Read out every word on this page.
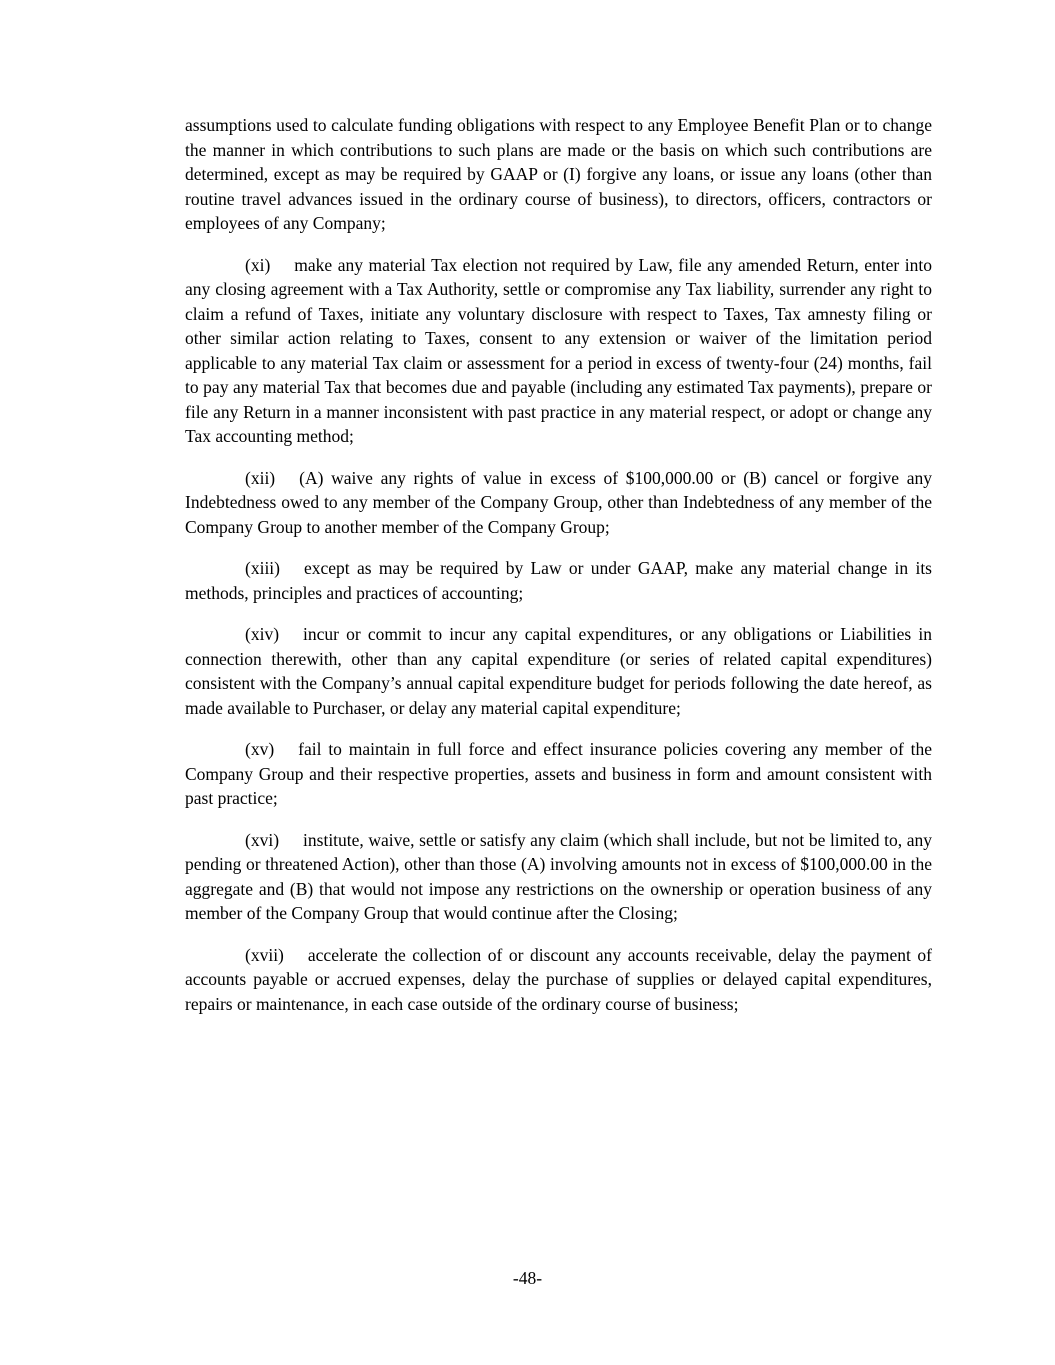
assumptions used to calculate funding obligations with respect to any Employee Benefit Plan or to change the manner in which contributions to such plans are made or the basis on which such contributions are determined, except as may be required by GAAP or (I) forgive any loans, or issue any loans (other than routine travel advances issued in the ordinary course of business), to directors, officers, contractors or employees of any Company;

(xi) make any material Tax election not required by Law, file any amended Return, enter into any closing agreement with a Tax Authority, settle or compromise any Tax liability, surrender any right to claim a refund of Taxes, initiate any voluntary disclosure with respect to Taxes, Tax amnesty filing or other similar action relating to Taxes, consent to any extension or waiver of the limitation period applicable to any material Tax claim or assessment for a period in excess of twenty-four (24) months, fail to pay any material Tax that becomes due and payable (including any estimated Tax payments), prepare or file any Return in a manner inconsistent with past practice in any material respect, or adopt or change any Tax accounting method;

(xii) (A) waive any rights of value in excess of $100,000.00 or (B) cancel or forgive any Indebtedness owed to any member of the Company Group, other than Indebtedness of any member of the Company Group to another member of the Company Group;

(xiii) except as may be required by Law or under GAAP, make any material change in its methods, principles and practices of accounting;

(xiv) incur or commit to incur any capital expenditures, or any obligations or Liabilities in connection therewith, other than any capital expenditure (or series of related capital expenditures) consistent with the Company’s annual capital expenditure budget for periods following the date hereof, as made available to Purchaser, or delay any material capital expenditure;

(xv) fail to maintain in full force and effect insurance policies covering any member of the Company Group and their respective properties, assets and business in form and amount consistent with past practice;

(xvi) institute, waive, settle or satisfy any claim (which shall include, but not be limited to, any pending or threatened Action), other than those (A) involving amounts not in excess of $100,000.00 in the aggregate and (B) that would not impose any restrictions on the ownership or operation business of any member of the Company Group that would continue after the Closing;

(xvii) accelerate the collection of or discount any accounts receivable, delay the payment of accounts payable or accrued expenses, delay the purchase of supplies or delayed capital expenditures, repairs or maintenance, in each case outside of the ordinary course of business;

-48-
